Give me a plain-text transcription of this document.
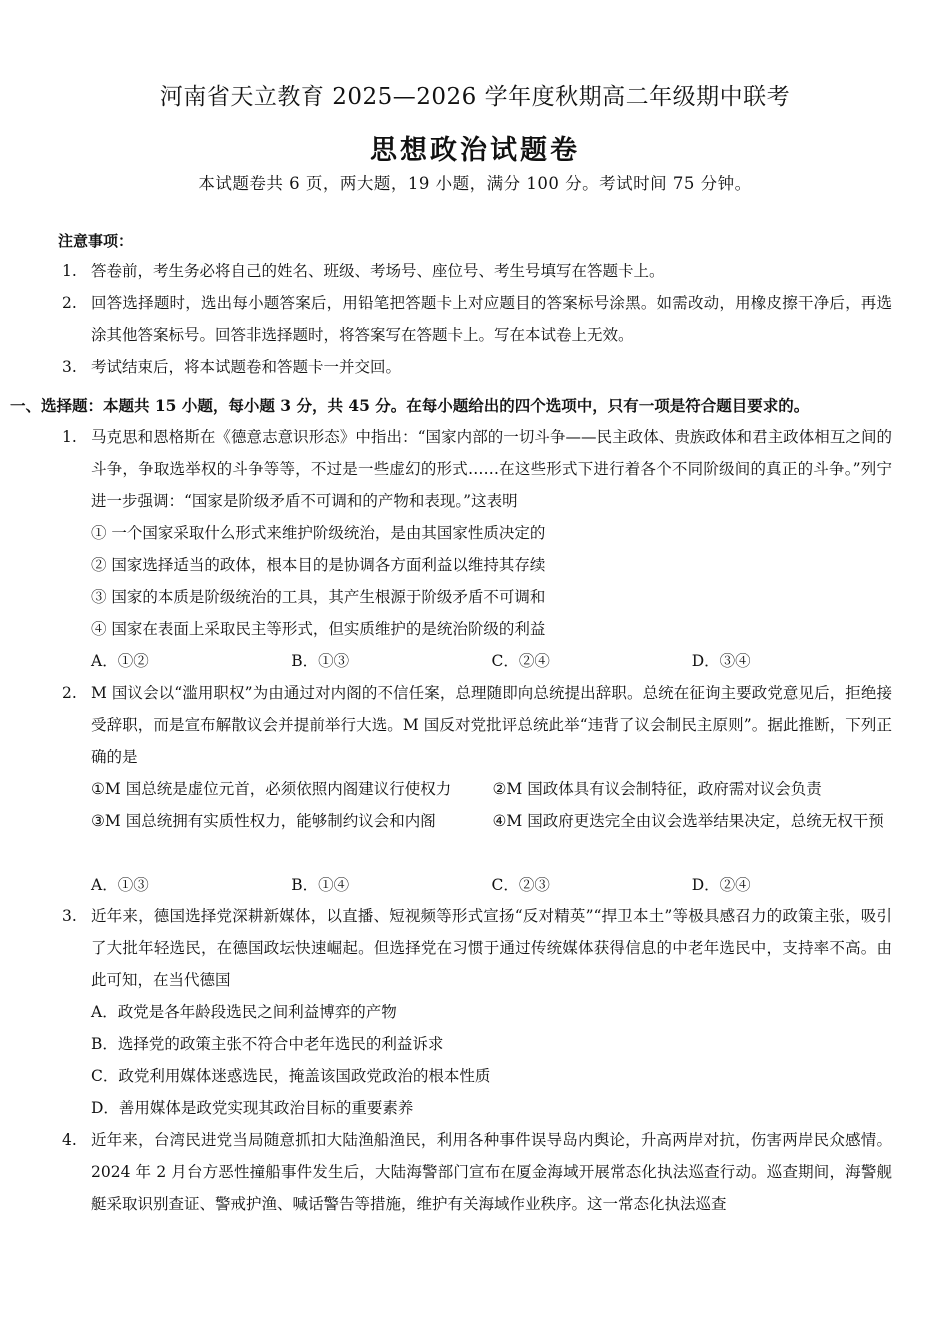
河南省天立教育 2025—2026 学年度秋期高二年级期中联考
思想政治试题卷
本试题卷共 6 页，两大题，19 小题，满分 100 分。考试时间 75 分钟。
注意事项：
1. 答卷前，考生务必将自己的姓名、班级、考场号、座位号、考生号填写在答题卡上。
2. 回答选择题时，选出每小题答案后，用铅笔把答题卡上对应题目的答案标号涂黑。如需改动，用橡皮擦干净后，再选涂其他答案标号。回答非选择题时，将答案写在答题卡上。写在本试卷上无效。
3. 考试结束后，将本试题卷和答题卡一并交回。
一、选择题：本题共 15 小题，每小题 3 分，共 45 分。在每小题给出的四个选项中，只有一项是符合题目要求的。
1. 马克思和恩格斯在《德意志意识形态》中指出：“国家内部的一切斗争——民主政体、贵族政体和君主政体相互之间的斗争，争取选举权的斗争等等，不过是一些虚幻的形式……在这些形式下进行着各个不同阶级间的真正的斗争。”列宁进一步强调：“国家是阶级矛盾不可调和的产物和表现。”这表明
① 一个国家采取什么形式来维护阶级统治，是由其国家性质决定的
② 国家选择适当的政体，根本目的是协调各方面利益以维持其存续
③ 国家的本质是阶级统治的工具，其产生根源于阶级矛盾不可调和
④ 国家在表面上采取民主等形式，但实质维护的是统治阶级的利益
A．①②	B．①③	C．②④	D．③④
2. M 国议会以“滥用职权”为由通过对内阁的不信任案，总理随即向总统提出辞职。总统在征询主要政党意见后，拒绝接受辞职，而是宣布解散议会并提前举行大选。M 国反对党批评总统此举“违背了议会制民主原则”。据此推断，下列正确的是
①M 国总统是虚位元首，必须依照内阁建议行使权力	②M 国政体具有议会制特征，政府需对议会负责
③M 国总统拥有实质性权力，能够制约议会和内阁	④M 国政府更迭完全由议会选举结果决定，总统无权干预
A．①③	B．①④	C．②③	D．②④
3. 近年来，德国选择党深耕新媒体，以直播、短视频等形式宣扬“反对精英”“捍卫本土”等极具感召力的政策主张，吸引了大批年轻选民，在德国政坛快速崛起。但选择党在习惯于通过传统媒体获得信息的中老年选民中，支持率不高。由此可知，在当代德国
A．政党是各年龄段选民之间利益博弈的产物
B．选择党的政策主张不符合中老年选民的利益诉求
C．政党利用媒体迷惑选民，掩盖该国政党政治的根本性质
D．善用媒体是政党实现其政治目标的重要素养
4. 近年来，台湾民进党当局随意抓扣大陆渔船渔民，利用各种事件误导岛内舆论，升高两岸对抗，伤害两岸民众感情。2024 年 2 月台方恶性撞船事件发生后，大陆海警部门宣布在厦金海域开展常态化执法巡查行动。巡查期间，海警舰艇采取识别查证、警戒护渔、喊话警告等措施，维护有关海域作业秩序。这一常态化执法巡查
